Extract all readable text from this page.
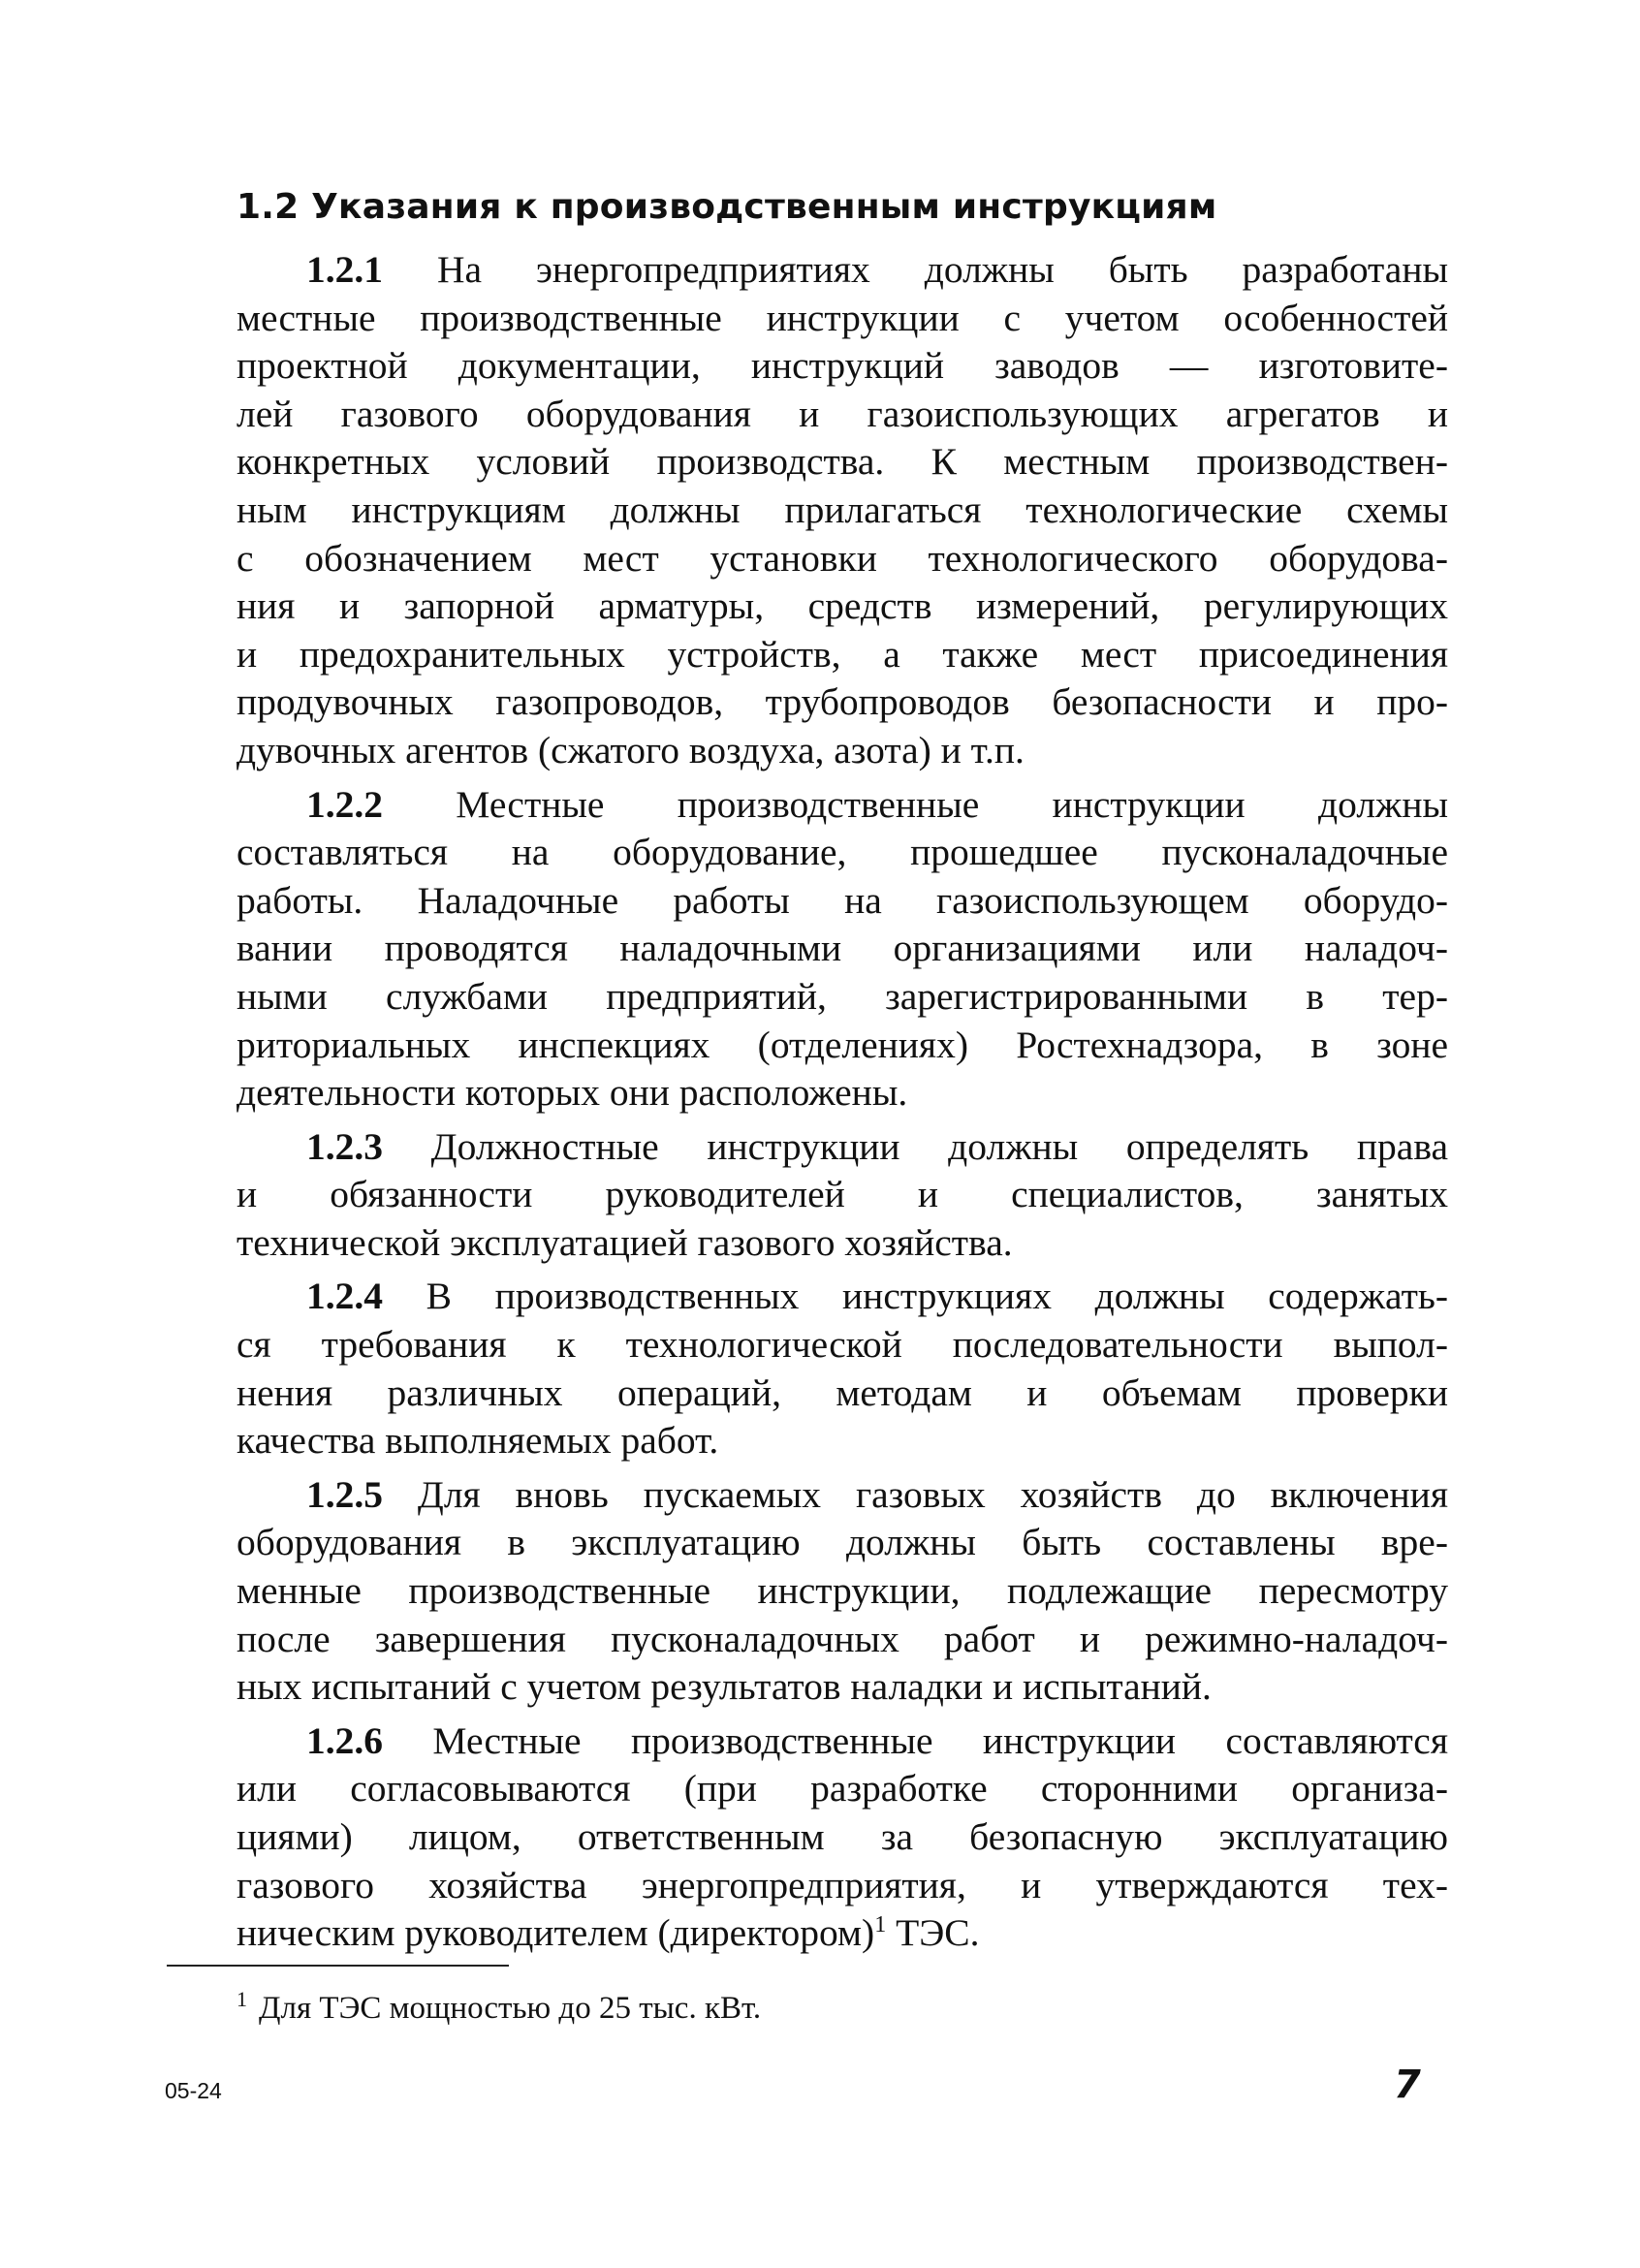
1.2 Указания к производственным инструкциям
1.2.1 На энергопредприятиях должны быть разработаны
местные производственные инструкции с учетом особенностей
проектной документации, инструкций заводов — изготовите-
лей газового оборудования и газоиспользующих агрегатов и
конкретных условий производства. К местным производствен-
ным инструкциям должны прилагаться технологические схемы
с обозначением мест установки технологического оборудова-
ния и запорной арматуры, средств измерений, регулирующих
и предохранительных устройств, а также мест присоединения
продувочных газопроводов, трубопроводов безопасности и про-
дувочных агентов (сжатого воздуха, азота) и т.п.
1.2.2 Местные производственные инструкции должны
составляться на оборудование, прошедшее пусконаладочные
работы. Наладочные работы на газоиспользующем оборудо-
вании проводятся наладочными организациями или наладоч-
ными службами предприятий, зарегистрированными в тер-
риториальных инспекциях (отделениях) Ростехнадзора, в зоне
деятельности которых они расположены.
1.2.3 Должностные инструкции должны определять права
и обязанности руководителей и специалистов, занятых
технической эксплуатацией газового хозяйства.
1.2.4 В производственных инструкциях должны содержать-
ся требования к технологической последовательности выпол-
нения различных операций, методам и объемам проверки
качества выполняемых работ.
1.2.5 Для вновь пускаемых газовых хозяйств до включения
оборудования в эксплуатацию должны быть составлены вре-
менные производственные инструкции, подлежащие пересмотру
после завершения пусконаладочных работ и режимно-наладоч-
ных испытаний с учетом результатов наладки и испытаний.
1.2.6 Местные производственные инструкции составляются
или согласовываются (при разработке сторонними организа-
циями) лицом, ответственным за безопасную эксплуатацию
газового хозяйства энергопредприятия, и утверждаются тех-
ническим руководителем (директором)$^1$ ТЭС.
$^1$ Для ТЭС мощностью до 25 тыс. кВт.
05-24	7
